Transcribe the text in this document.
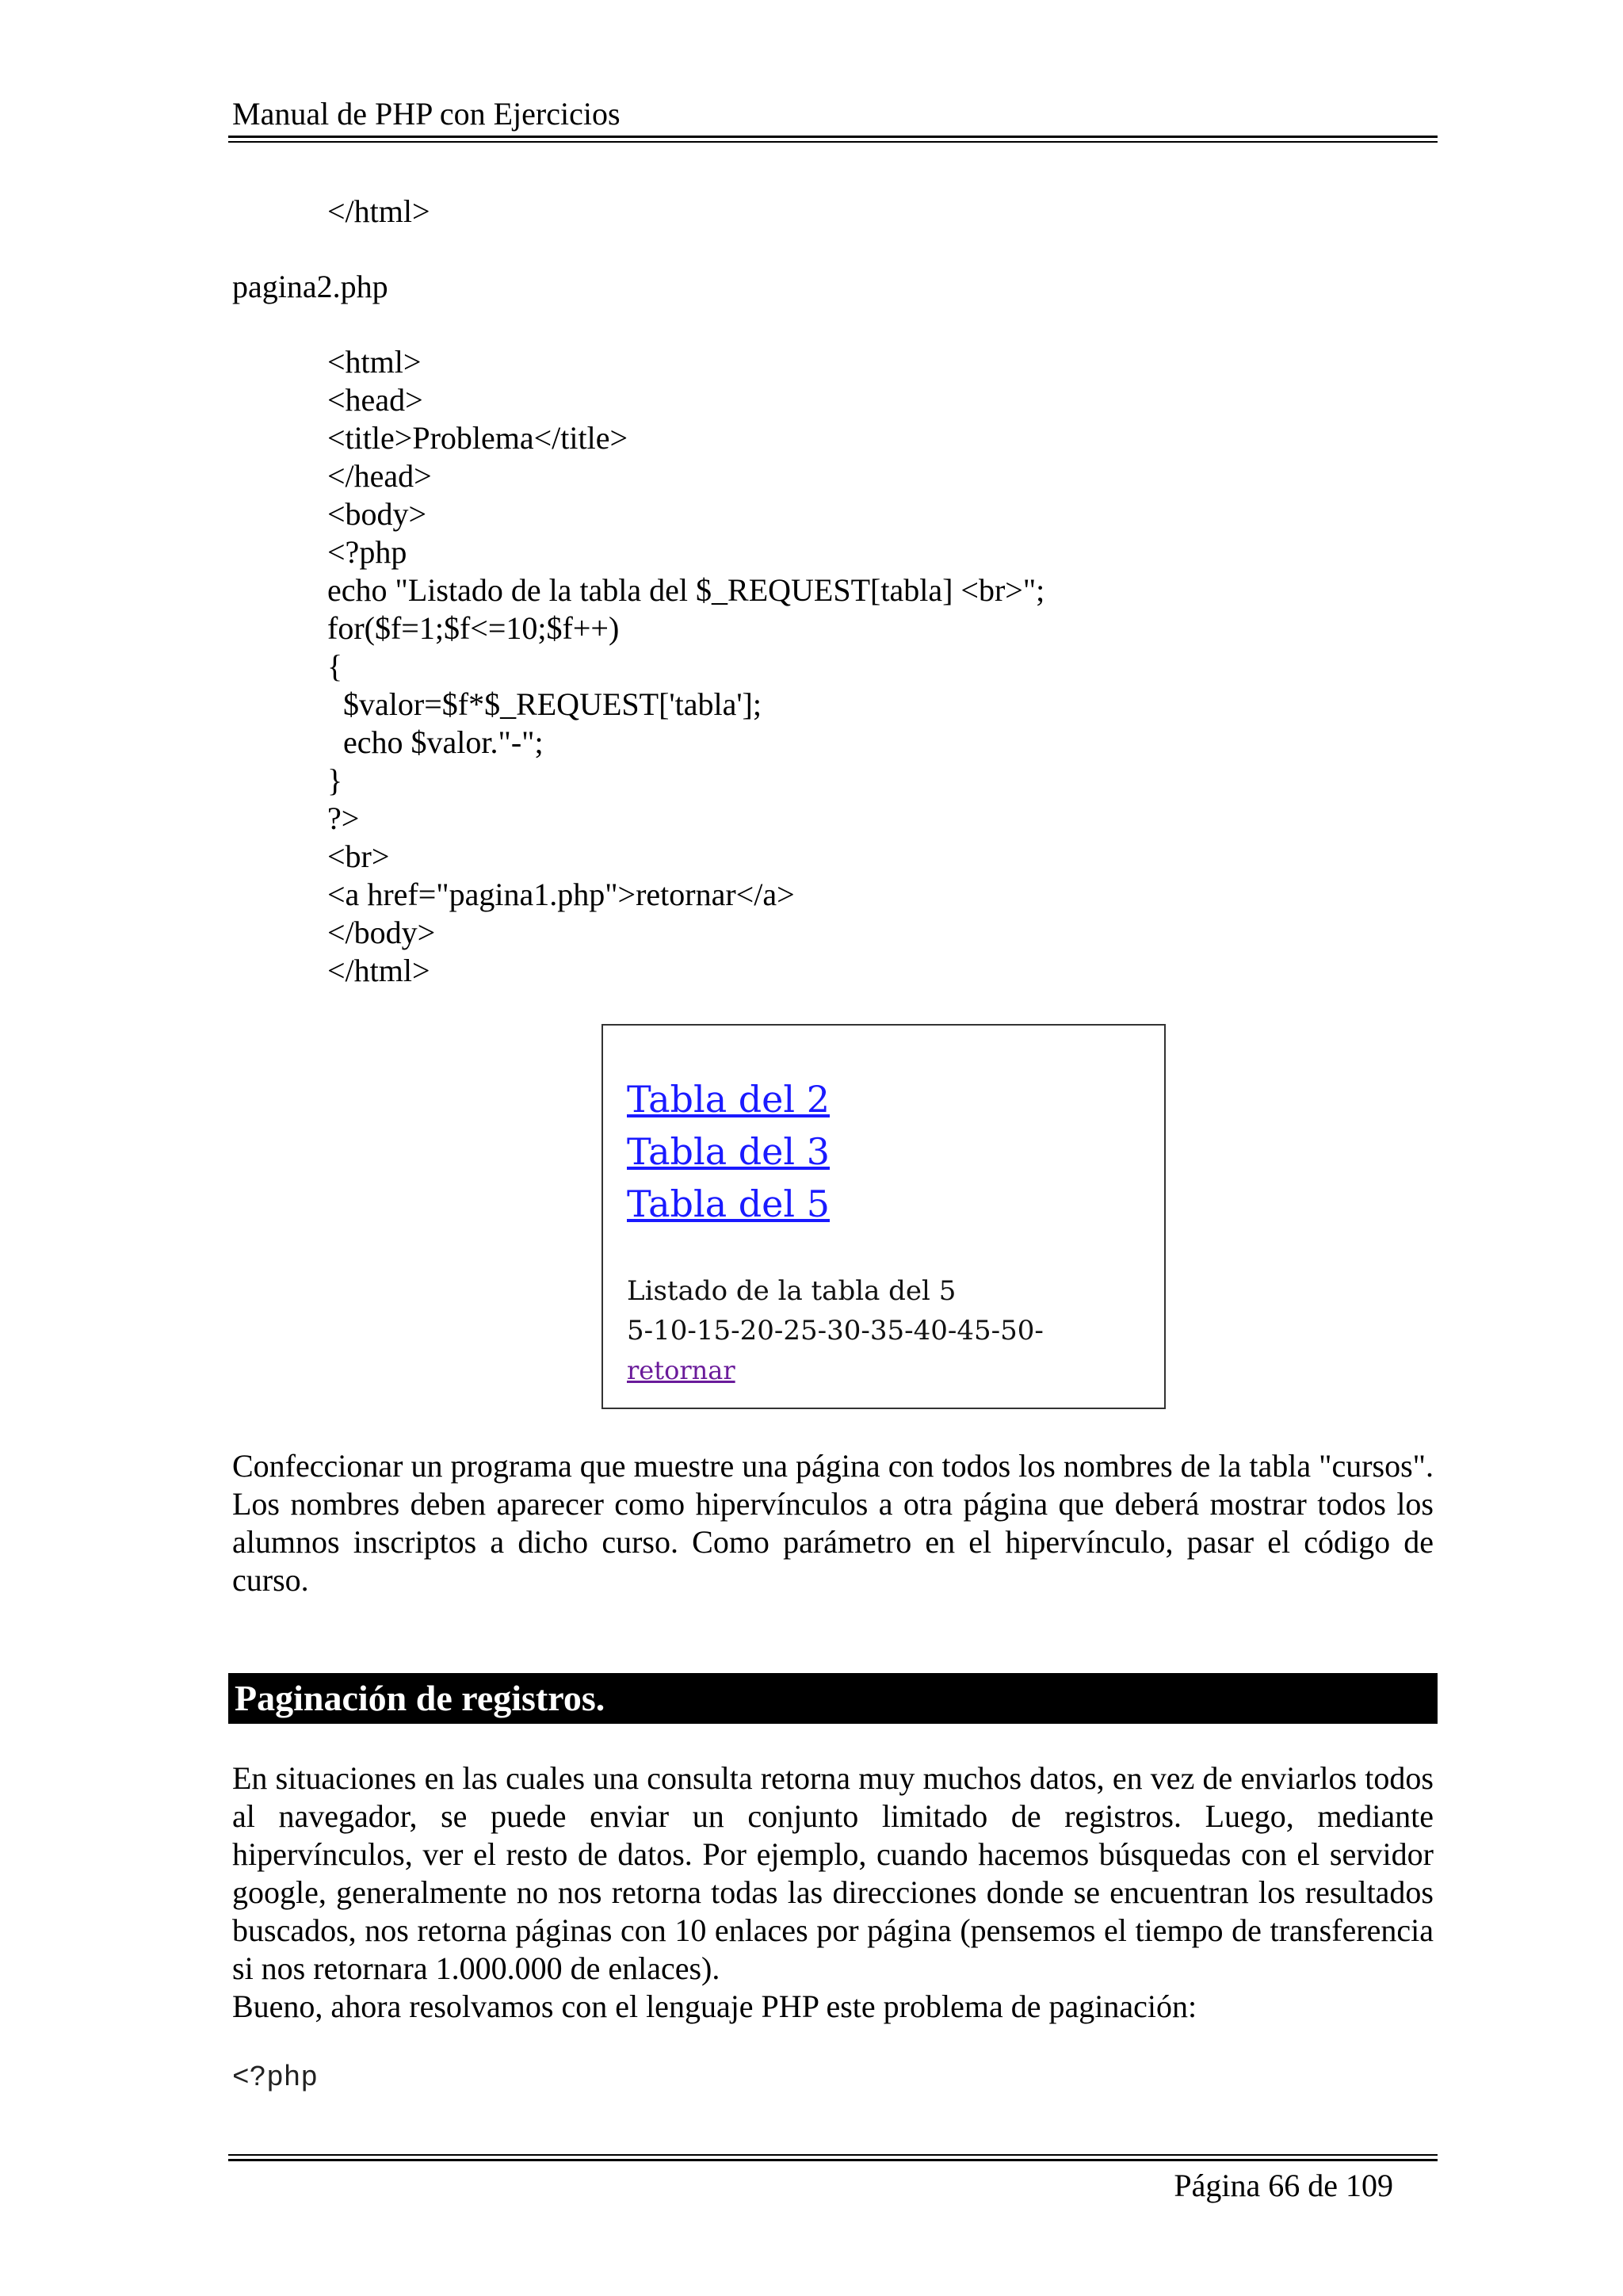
Manual de PHP con Ejercicios
</html>
pagina2.php
<html>
<head>
<title>Problema</title>
</head>
<body>
<?php
echo "Listado de la tabla del $_REQUEST[tabla] <br>";
for($f=1;$f<=10;$f++)
{
$valor=$f*$_REQUEST['tabla'];
echo $valor."-";
}
?>
<br>
<a href="pagina1.php">retornar</a>
</body>
</html>
Tabla del 2
Tabla del 3
Tabla del 5
Listado de la tabla del 5
5-10-15-20-25-30-35-40-45-50-
retornar
Confeccionar un programa que muestre una página con todos los nombres de la tabla "cursos". Los nombres deben aparecer como hipervínculos a otra página que deberá mostrar todos los alumnos inscriptos a dicho curso. Como parámetro en el hipervínculo, pasar el código de curso.
Paginación de registros.
En situaciones en las cuales una consulta retorna muy muchos datos, en vez de enviarlos todos al navegador, se puede enviar un conjunto limitado de registros. Luego, mediante hipervínculos, ver el resto de datos. Por ejemplo, cuando hacemos búsquedas con el servidor google, generalmente no nos retorna todas las direcciones donde se encuentran los resultados buscados, nos retorna páginas con 10 enlaces por página (pensemos el tiempo de transferencia si nos retornara 1.000.000 de enlaces).
Bueno, ahora resolvamos con el lenguaje PHP este problema de paginación:
<?php
Página 66 de 109
